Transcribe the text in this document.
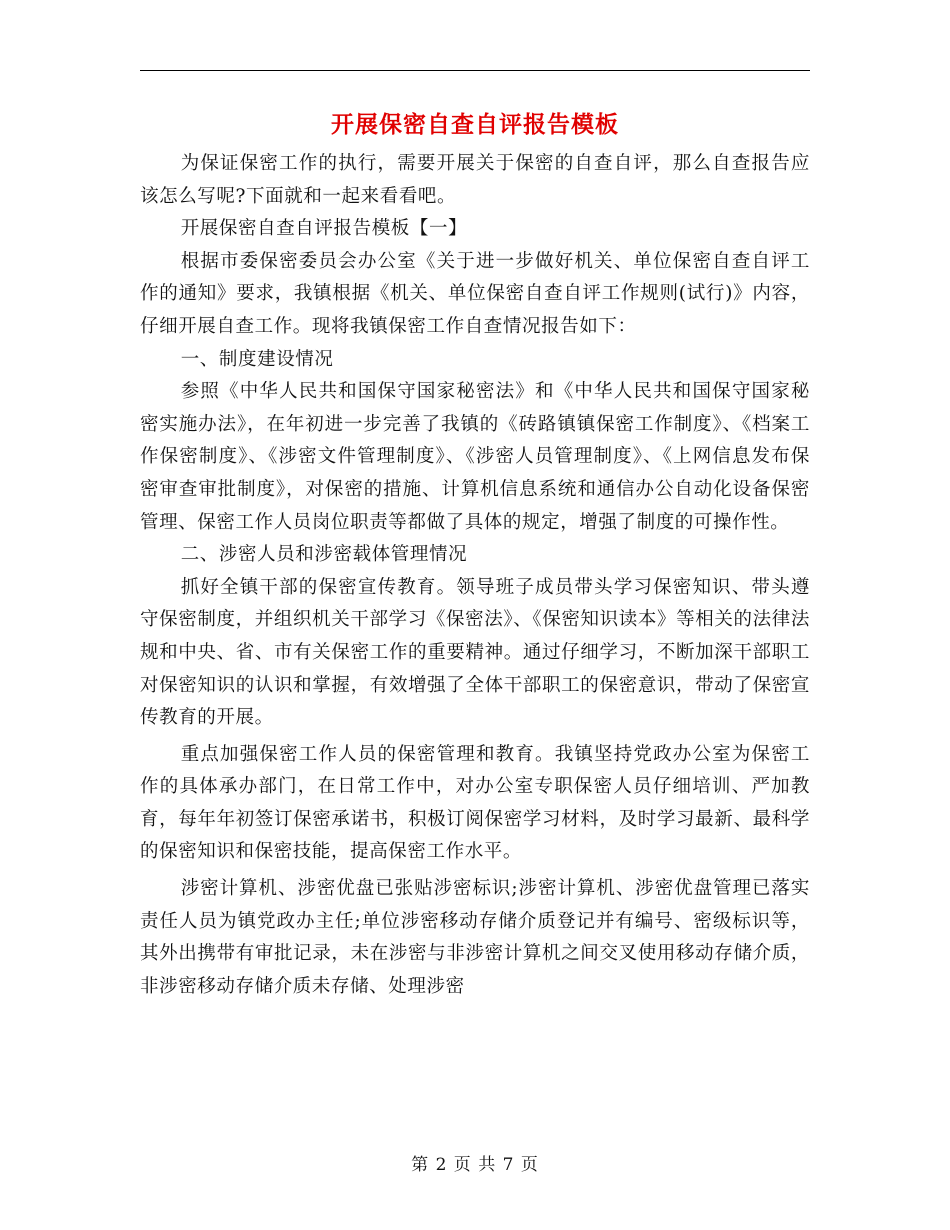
开展保密自查自评报告模板

为保证保密工作的执行，需要开展关于保密的自查自评，那么自查报告应该怎么写呢?下面就和一起来看看吧。

开展保密自查自评报告模板【一】

根据市委保密委员会办公室《关于进一步做好机关、单位保密自查自评工作的通知》要求，我镇根据《机关、单位保密自查自评工作规则(试行)》内容，仔细开展自查工作。现将我镇保密工作自查情况报告如下：

一、制度建设情况

参照《中华人民共和国保守国家秘密法》和《中华人民共和国保守国家秘密实施办法》，在年初进一步完善了我镇的《砖路镇镇保密工作制度》、《档案工作保密制度》、《涉密文件管理制度》、《涉密人员管理制度》、《上网信息发布保密审查审批制度》，对保密的措施、计算机信息系统和通信办公自动化设备保密管理、保密工作人员岗位职责等都做了具体的规定，增强了制度的可操作性。

二、涉密人员和涉密载体管理情况

抓好全镇干部的保密宣传教育。领导班子成员带头学习保密知识、带头遵守保密制度，并组织机关干部学习《保密法》、《保密知识读本》等相关的法律法规和中央、省、市有关保密工作的重要精神。通过仔细学习，不断加深干部职工对保密知识的认识和掌握，有效增强了全体干部职工的保密意识，带动了保密宣传教育的开展。

重点加强保密工作人员的保密管理和教育。我镇坚持党政办公室为保密工作的具体承办部门，在日常工作中，对办公室专职保密人员仔细培训、严加教育，每年年初签订保密承诺书，积极订阅保密学习材料，及时学习最新、最科学的保密知识和保密技能，提高保密工作水平。

涉密计算机、涉密优盘已张贴涉密标识;涉密计算机、涉密优盘管理已落实责任人员为镇党政办主任;单位涉密移动存储介质登记并有编号、密级标识等，其外出携带有审批记录，未在涉密与非涉密计算机之间交叉使用移动存储介质，非涉密移动存储介质未存储、处理涉密

第 2 页 共 7 页
